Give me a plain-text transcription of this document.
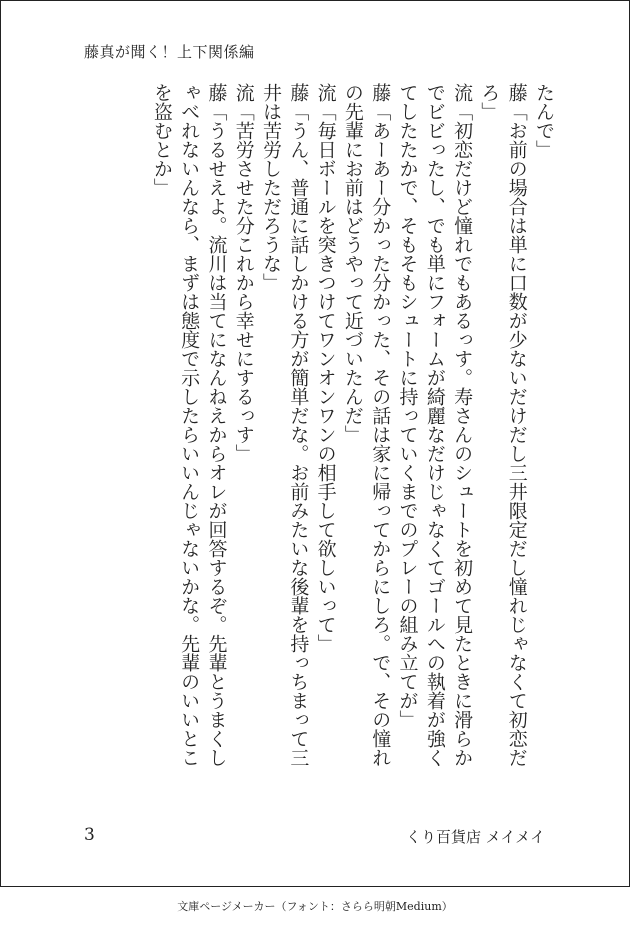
藤真が聞く！上下関係編
たんで」
藤「お前の場合は単に口数が少ないだけだし三井限定だし憧れじゃなくて初恋だ
ろ」
流「初恋だけど憧れでもあるっす。寿さんのシュートを初めて見たときに滑らか
でビビったし、でも単にフォームが綺麗なだけじゃなくてゴールへの執着が強く
てしたたかで、そもそもシュートに持っていくまでのプレーの組み立てが」
藤「あーあー分かった分かった、その話は家に帰ってからにしろ。で、その憧れ
の先輩にお前はどうやって近づいたんだ」
流「毎日ボールを突きつけてワンオンワンの相手して欲しいって」
藤「うん、普通に話しかける方が簡単だな。お前みたいな後輩を持っちまって三
井は苦労しただろうな」
流「苦労させた分これから幸せにするっす」
藤「うるせえよ。流川は当てになんねえからオレが回答するぞ。先輩とうまくし
ゃべれないんなら、まずは態度で示したらいいんじゃないかな。先輩のいいとこ
を盗むとか」
3	くり百貨店 メイメイ
文庫ページメーカー（フォント：さらら明朝Medium）
